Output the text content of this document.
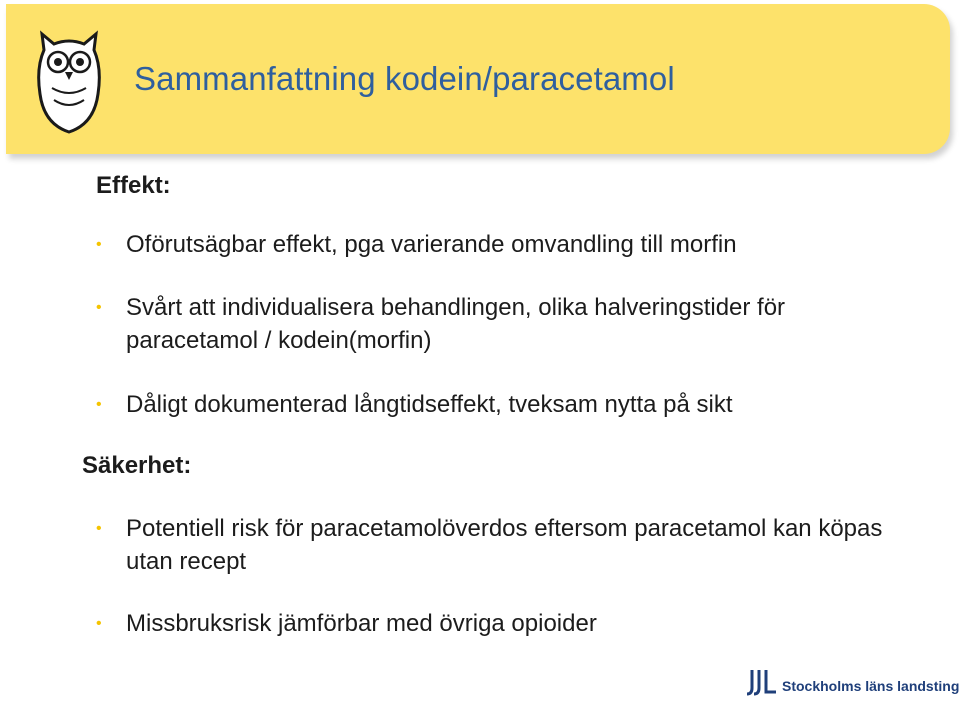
Sammanfattning kodein/paracetamol
Effekt:
• Oförutsägbar effekt, pga varierande omvandling till morfin
• Svårt att individualisera behandlingen, olika halveringstider för paracetamol / kodein(morfin)
• Dåligt dokumenterad långtidseffekt, tveksam nytta på sikt
Säkerhet:
• Potentiell risk för paracetamolöverdos eftersom paracetamol kan köpas utan recept
• Missbruksrisk jämförbar med övriga opioider
Stockholms läns landsting
